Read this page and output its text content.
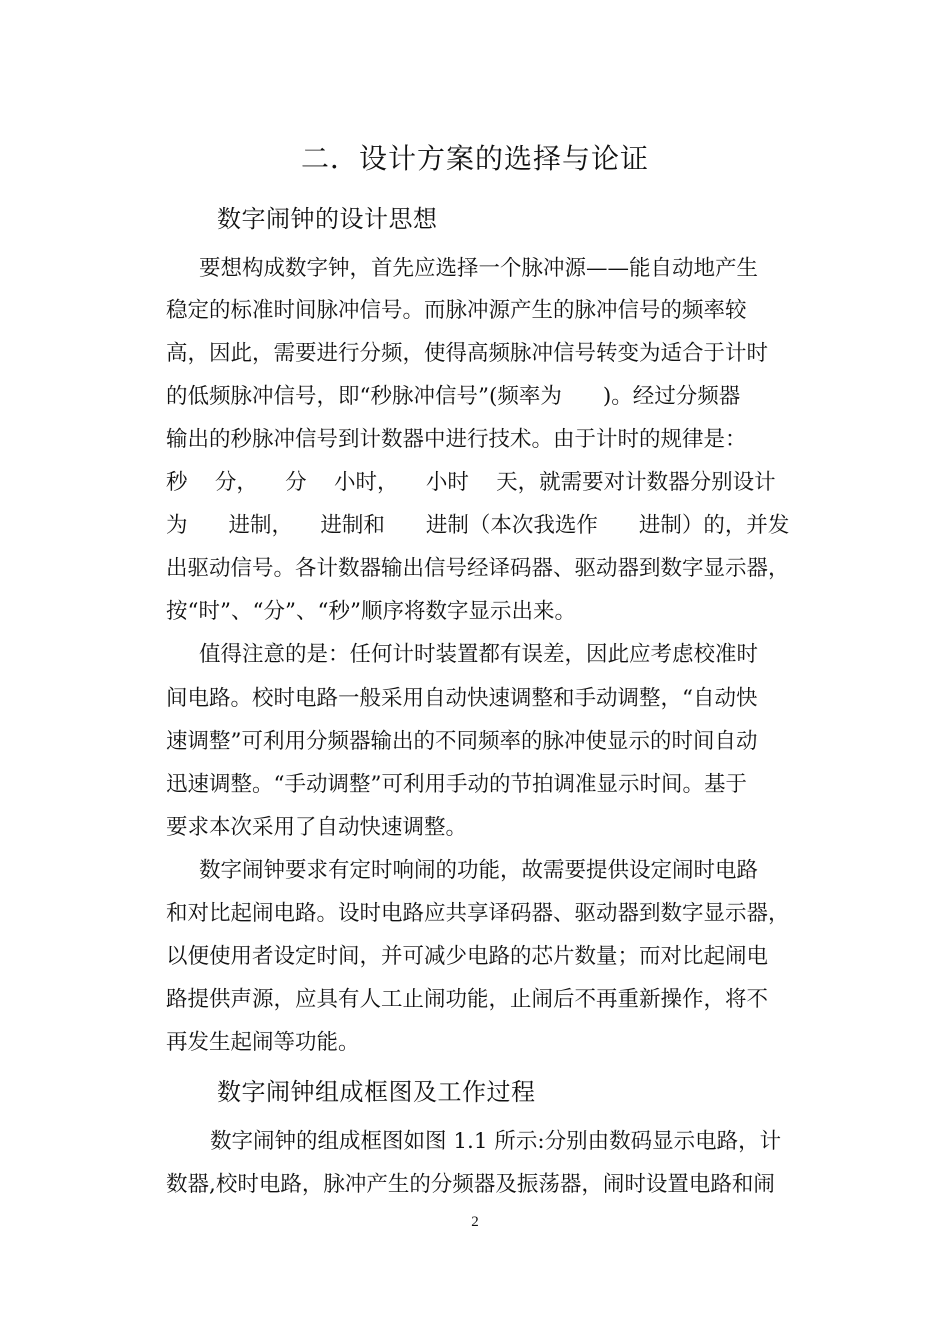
二．设计方案的选择与论证
数字闹钟的设计思想
要想构成数字钟，首先应选择一个脉冲源——能自动地产生
稳定的标准时间脉冲信号。而脉冲源产生的脉冲信号的频率较
高，因此，需要进行分频，使得高频脉冲信号转变为适合于计时
的低频脉冲信号，即“秒脉冲信号”(频率为      )。经过分频器
输出的秒脉冲信号到计数器中进行技术。由于计时的规律是：
秒    分，    分    小时，    小时    天，就需要对计数器分别设计
为      进制，    进制和      进制（本次我选作      进制）的，并发
出驱动信号。各计数器输出信号经译码器、驱动器到数字显示器，
按“时”、“分”、“秒”顺序将数字显示出来。
值得注意的是：任何计时装置都有误差，因此应考虑校准时
间电路。校时电路一般采用自动快速调整和手动调整，“自动快
速调整”可利用分频器输出的不同频率的脉冲使显示的时间自动
迅速调整。“手动调整”可利用手动的节拍调准显示时间。基于
要求本次采用了自动快速调整。
数字闹钟要求有定时响闹的功能，故需要提供设定闹时电路
和对比起闹电路。设时电路应共享译码器、驱动器到数字显示器，
以便使用者设定时间，并可减少电路的芯片数量；而对比起闹电
路提供声源，应具有人工止闹功能，止闹后不再重新操作，将不
再发生起闹等功能。
数字闹钟组成框图及工作过程
数字闹钟的组成框图如图 1.1 所示:分别由数码显示电路，计
数器,校时电路，脉冲产生的分频器及振荡器，闹时设置电路和闹
2
